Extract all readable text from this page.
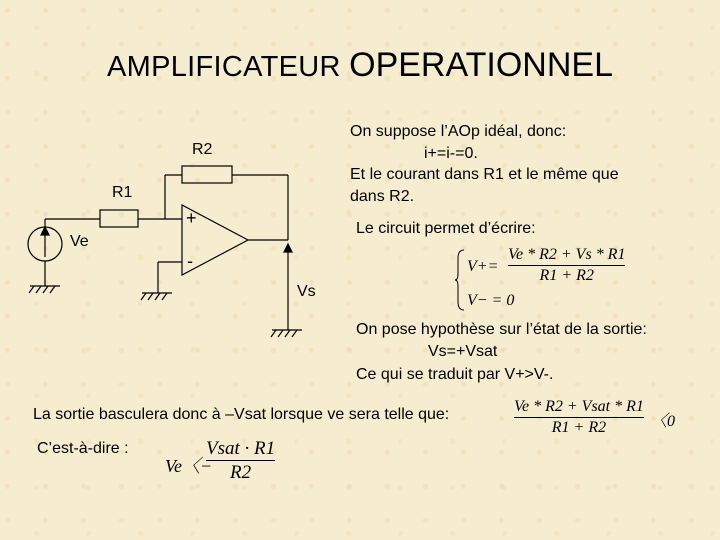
AMPLIFICATEUR OPERATIONNEL
R2
R1
Ve
Vs
+
-
On suppose l’AOp idéal, donc:
i+=i-=0.
Et le courant dans R1 et le même que
dans R2.
Le circuit permet d’écrire:
V+=
Ve * R2 + Vs * R1
R1 + R2
V− = 0
On pose hypothèse sur l’état de la sortie:
Vs=+Vsat
Ce qui se traduit par V+>V-.
La sortie basculera donc à –Vsat lorsque ve sera telle que:	Ve * R2 + Vsat * R1
R1 + R2	〈0
C’est-à-dire :
Ve〈−
Vsat · R1
R2
